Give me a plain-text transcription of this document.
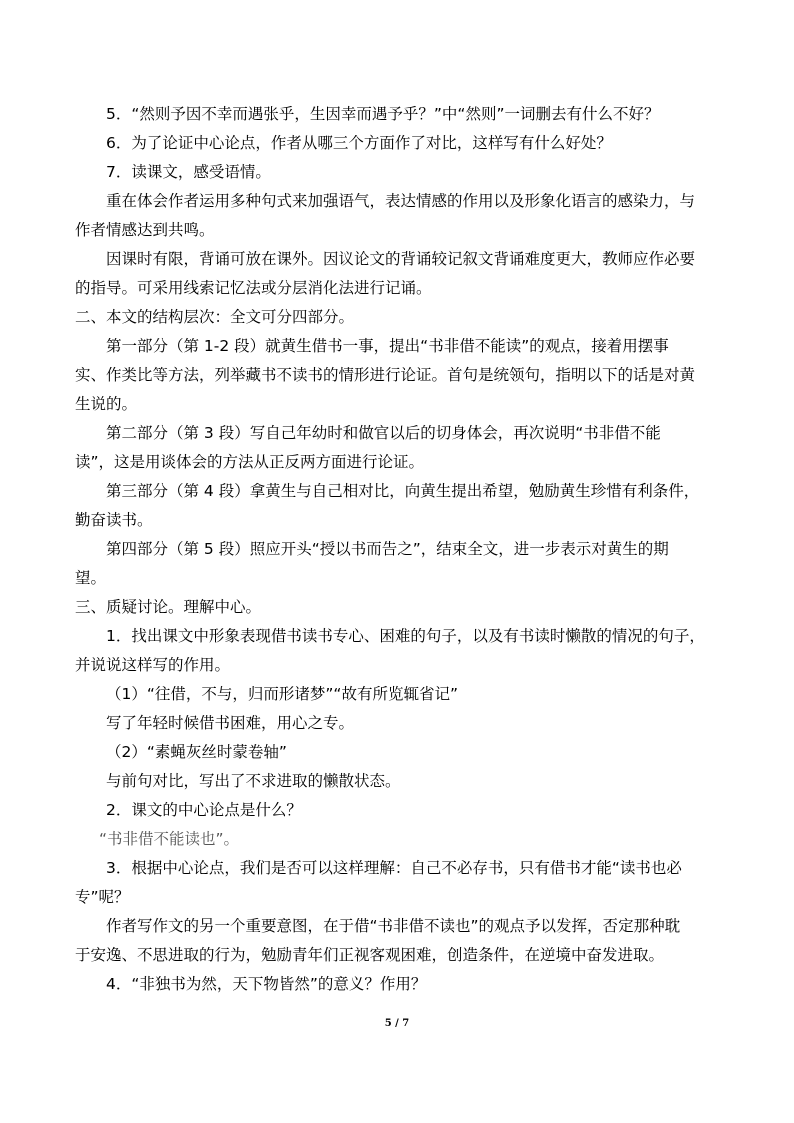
5．“然则予因不幸而遇张乎，生因幸而遇予乎？”中“然则”一词删去有什么不好？
6．为了论证中心论点，作者从哪三个方面作了对比，这样写有什么好处？
7．读课文，感受语情。
重在体会作者运用多种句式来加强语气，表达情感的作用以及形象化语言的感染力，与
作者情感达到共鸣。
因课时有限，背诵可放在课外。因议论文的背诵较记叙文背诵难度更大，教师应作必要
的指导。可采用线索记忆法或分层消化法进行记诵。
二、本文的结构层次：全文可分四部分。
第一部分（第 1-2 段）就黄生借书一事，提出“书非借不能读”的观点，接着用摆事
实、作类比等方法，列举藏书不读书的情形进行论证。首句是统领句，指明以下的话是对黄
生说的。
第二部分（第 3 段）写自己年幼时和做官以后的切身体会，再次说明“书非借不能
读”，这是用谈体会的方法从正反两方面进行论证。
第三部分（第 4 段）拿黄生与自己相对比，向黄生提出希望，勉励黄生珍惜有利条件，
勤奋读书。
第四部分（第 5 段）照应开头“授以书而告之”，结束全文，进一步表示对黄生的期
望。
三、质疑讨论。理解中心。
1．找出课文中形象表现借书读书专心、困难的句子，以及有书读时懒散的情况的句子，
并说说这样写的作用。
（1）“往借，不与，归而形诸梦”“故有所览辄省记”
写了年轻时候借书困难，用心之专。
（2）“素蝇灰丝时蒙卷轴”
与前句对比，写出了不求进取的懒散状态。
2．课文的中心论点是什么？
“书非借不能读也”。
3．根据中心论点，我们是否可以这样理解：自己不必存书，只有借书才能“读书也必
专”呢？
作者写作文的另一个重要意图，在于借“书非借不读也”的观点予以发挥，否定那种耽
于安逸、不思进取的行为，勉励青年们正视客观困难，创造条件，在逆境中奋发进取。
4．“非独书为然，天下物皆然”的意义？作用？
5 / 7
